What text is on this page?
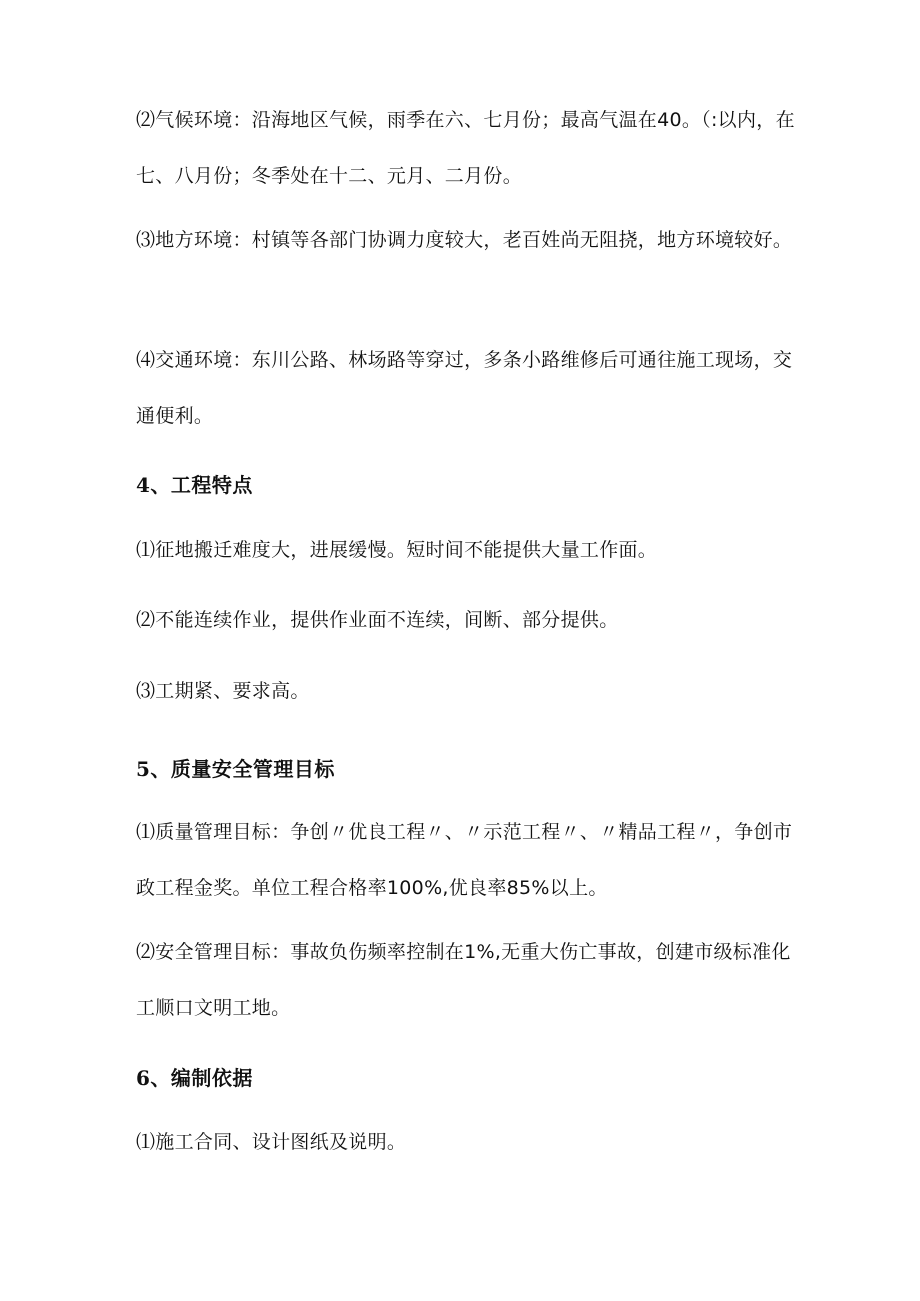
⑵气候环境：沿海地区气候，雨季在六、七月份；最高气温在40。（:以内，在七、八月份；冬季处在十二、元月、二月份。

⑶地方环境：村镇等各部门协调力度较大，老百姓尚无阻挠，地方环境较好。

⑷交通环境：东川公路、林场路等穿过，多条小路维修后可通往施工现场，交通便利。

4、工程特点

⑴征地搬迁难度大，进展缓慢。短时间不能提供大量工作面。

⑵不能连续作业，提供作业面不连续，间断、部分提供。

⑶工期紧、要求高。

5、质量安全管理目标

⑴质量管理目标：争创〃优良工程〃、〃示范工程〃、〃精品工程〃，争创市政工程金奖。单位工程合格率100%,优良率85%以上。

⑵安全管理目标：事故负伤频率控制在1%,无重大伤亡事故，创建市级标准化工顺口文明工地。

6、编制依据

⑴施工合同、设计图纸及说明。
